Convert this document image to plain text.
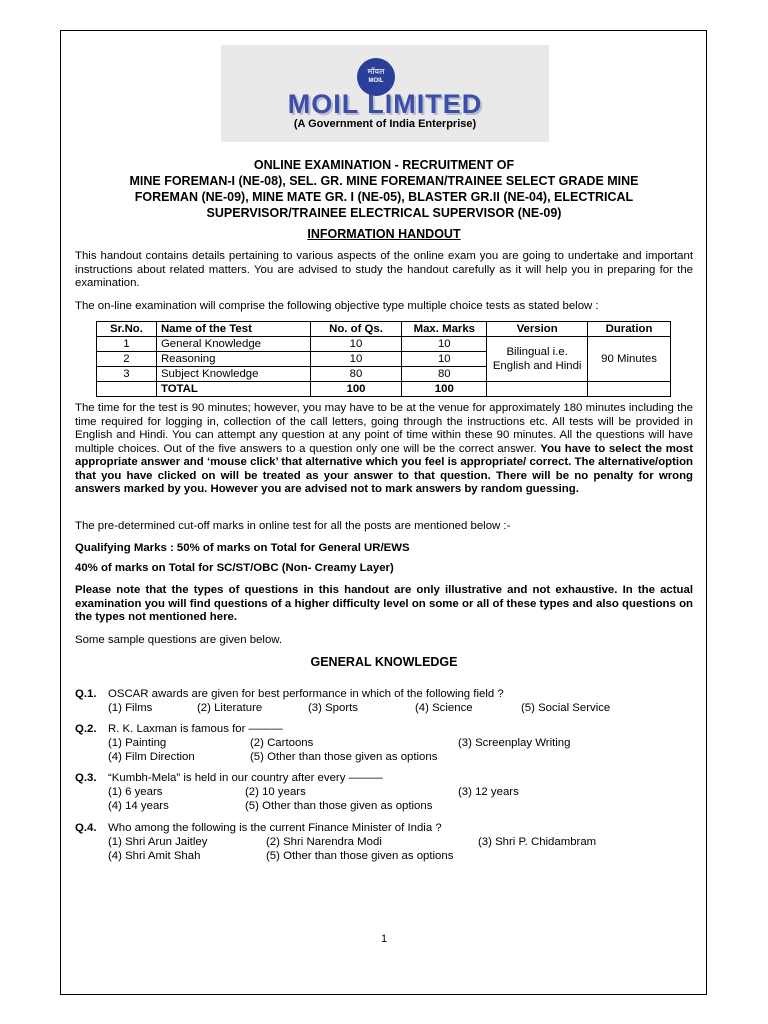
मॉयल
MOIL
MOIL LIMITED
(A Government of India Enterprise)
ONLINE EXAMINATION - RECRUITMENT OF
MINE FOREMAN-I (NE-08), SEL. GR. MINE FOREMAN/TRAINEE SELECT GRADE MINE
FOREMAN (NE-09), MINE MATE GR. I (NE-05), BLASTER GR.II (NE-04), ELECTRICAL
SUPERVISOR/TRAINEE ELECTRICAL SUPERVISOR (NE-09)
INFORMATION HANDOUT
This handout contains details pertaining to various aspects of the online exam you are going to undertake and important instructions about related matters. You are advised to study the handout carefully as it will help you in preparing for the examination.
The on-line examination will comprise the following objective type multiple choice tests as stated below :
Sr.No.	Name of the Test	No. of Qs.	Max. Marks	Version	Duration
1	General Knowledge	10	10	Bilingual i.e. English and Hindi	90 Minutes
2	Reasoning	10	10		
3	Subject Knowledge	80	80		
	TOTAL	100	100		
The time for the test is 90 minutes; however, you may have to be at the venue for approximately 180 minutes including the time required for logging in, collection of the call letters, going through the instructions etc. All tests will be provided in English and Hindi. You can attempt any question at any point of time within these 90 minutes. All the questions will have multiple choices. Out of the five answers to a question only one will be the correct answer. You have to select the most appropriate answer and ‘mouse click’ that alternative which you feel is appropriate/ correct. The alternative/option that you have clicked on will be treated as your answer to that question. There will be no penalty for wrong answers marked by you. However you are advised not to mark answers by random guessing.
The pre-determined cut-off marks in online test for all the posts are mentioned below :-
Qualifying Marks : 50% of marks on Total for General UR/EWS
40% of marks on Total for SC/ST/OBC (Non- Creamy Layer)
Please note that the types of questions in this handout are only illustrative and not exhaustive. In the actual examination you will find questions of a higher difficulty level on some or all of these types and also questions on the types not mentioned here.
Some sample questions are given below.
GENERAL KNOWLEDGE
Q.1. OSCAR awards are given for best performance in which of the following field ?
(1) Films	(2) Literature	(3) Sports	(4) Science	(5) Social Service
Q.2. R. K. Laxman is famous for ———
(1) Painting	(2) Cartoons	(3) Screenplay Writing
(4) Film Direction	(5) Other than those given as options
Q.3. “Kumbh-Mela” is held in our country after every ———
(1) 6 years	(2) 10 years	(3) 12 years
(4) 14 years	(5) Other than those given as options
Q.4. Who among the following is the current Finance Minister of India ?
(1) Shri Arun Jaitley	(2) Shri Narendra Modi	(3) Shri P. Chidambram
(4) Shri Amit Shah	(5) Other than those given as options
1
